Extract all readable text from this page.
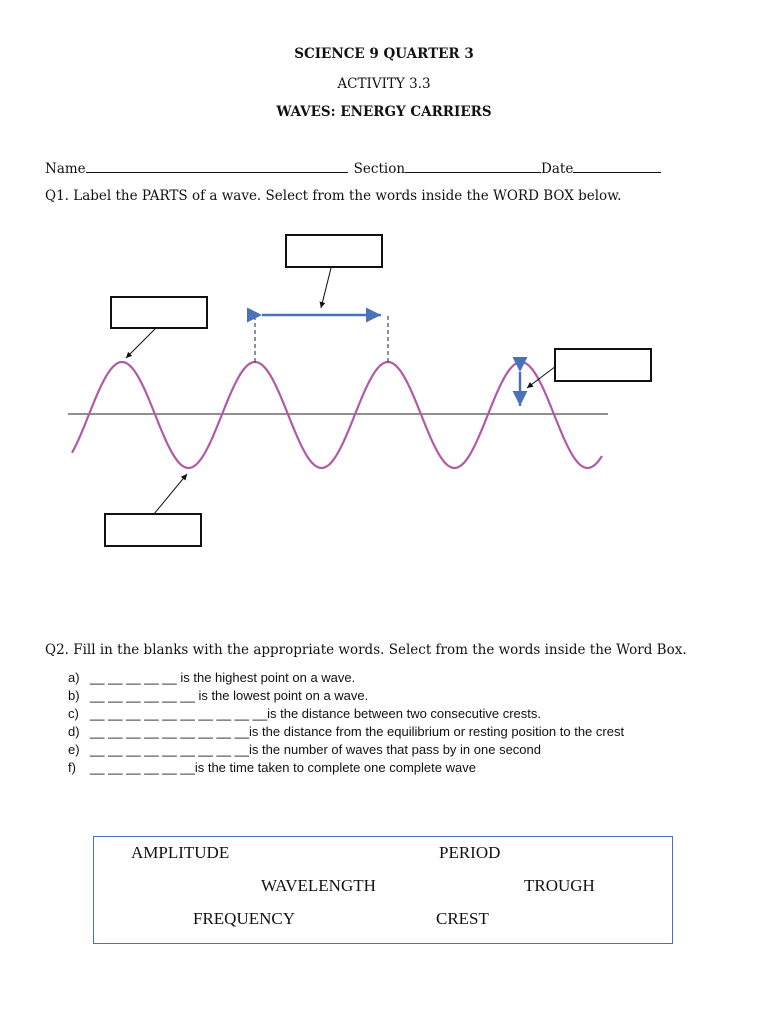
SCIENCE 9 QUARTER 3
ACTIVITY 3.3
WAVES: ENERGY CARRIERS
Name	Section	Date
Q1. Label the PARTS of a wave. Select from the words inside the WORD BOX below.
Q2. Fill in the blanks with the appropriate words. Select from the words inside the Word Box.
a) __ __ __ __ __ is the highest point on a wave.
b) __ __ __ __ __ __ is the lowest point on a wave.
c) __ __ __ __ __ __ __ __ __ __is the distance between two consecutive crests.
d) __ __ __ __ __ __ __ __ __is the distance from the equilibrium or resting position to the crest
e) __ __ __ __ __ __ __ __ __is the number of waves that pass by in one second
f) __ __ __ __ __ __is the time taken to complete one complete wave
AMPLITUDE	PERIOD
WAVELENGTH	TROUGH
FREQUENCY	CREST
